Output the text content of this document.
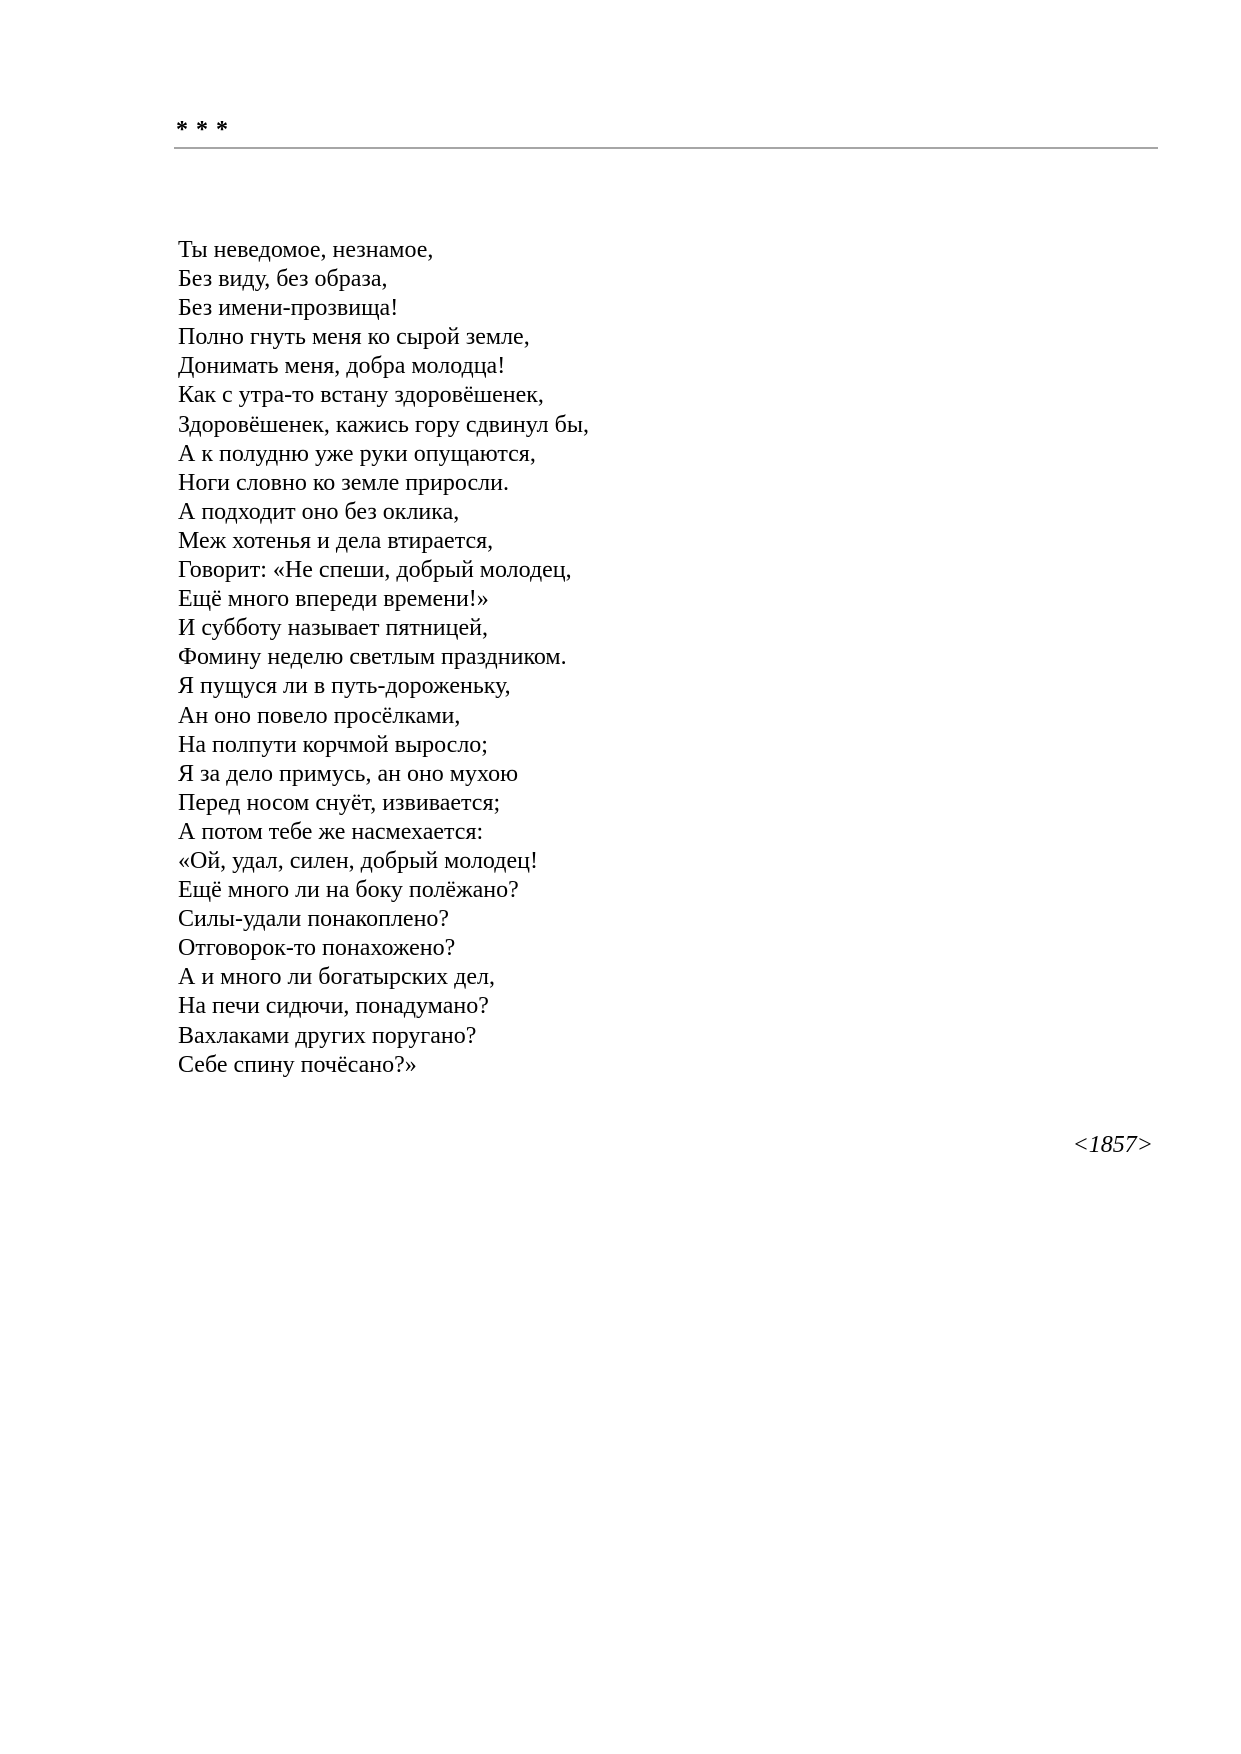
* * *
Ты неведомое, незнамое,
Без виду, без образа,
Без имени-прозвища!
Полно гнуть меня ко сырой земле,
Донимать меня, добра молодца!
Как с утра-то встану здоровёшенек,
Здоровёшенек, кажись гору сдвинул бы,
А к полудню уже руки опущаются,
Ноги словно ко земле приросли.
А подходит оно без оклика,
Меж хотенья и дела втирается,
Говорит: «Не спеши, добрый молодец,
Ещё много впереди времени!»
И субботу называет пятницей,
Фомину неделю светлым праздником.
Я пущуся ли в путь-дороженьку,
Ан оно повело просёлками,
На полпути корчмой выросло;
Я за дело примусь, ан оно мухою
Перед носом снуёт, извивается;
А потом тебе же насмехается:
«Ой, удал, силен, добрый молодец!
Ещё много ли на боку полёжано?
Силы-удали понакоплено?
Отговорок-то понахожено?
А и много ли богатырских дел,
На печи сидючи, понадумано?
Вахлаками других поругано?
Себе спину почёсано?»
<1857>
